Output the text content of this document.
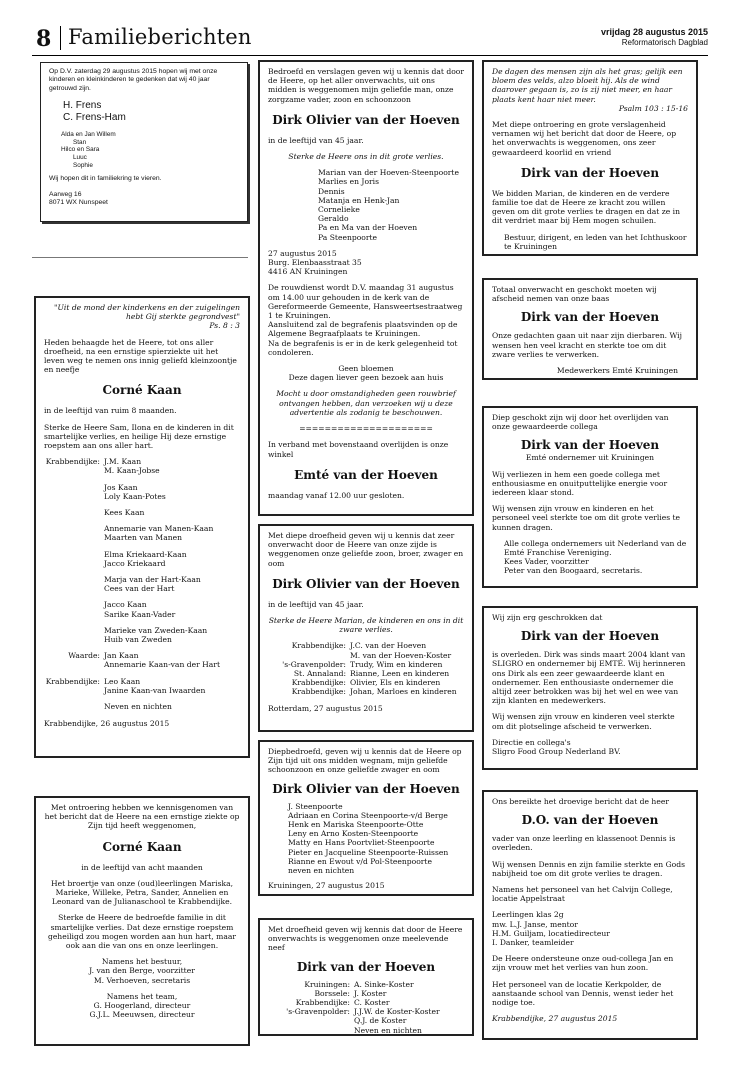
8 Familieberichten	vrijdag 28 augustus 2015
Reformatorisch Dagblad

Op D.V. zaterdag 29 augustus 2015 hopen wij met onze kinderen en kleinkinderen te gedenken dat wij 40 jaar getrouwd zijn.

H. Frens
C. Frens-Ham
Alda en Jan Willem
Stan
Hilco en Sara
Luuc
Sophie

Wij hopen dit in familiekring te vieren.

Aarweg 16
8071 WX Nunspeet
"Uit de mond der kinderkens en der zuigelingen hebt Gij sterkte gegrondvest"
Ps. 8 : 3

Heden behaagde het de Heere, tot ons aller droefheid, na een ernstige spierziekte uit het leven weg te nemen ons innig geliefd kleinzoontje en neefje

Corné Kaan

in de leeftijd van ruim 8 maanden.

Sterke de Heere Sam, Ilona en de kinderen in dit smartelijke verlies, en heilige Hij deze ernstige roepstem aan ons aller hart.

Krabbendijke: J.M. Kaan
M. Kaan-Jobse
Jos Kaan
Loly Kaan-Potes
Kees Kaan
Annemarie van Manen-Kaan
Maarten van Manen
Elma Kriekaard-Kaan
Jacco Kriekaard
Marja van der Hart-Kaan
Cees van der Hart
Jacco Kaan
Sarike Kaan-Vader
Marieke van Zweden-Kaan
Huib van Zweden
Waarde: Jan Kaan
Annemarie Kaan-van der Hart
Krabbendijke: Leo Kaan
Janine Kaan-van Iwaarden
Neven en nichten
Krabbendijke, 26 augustus 2015

Met ontroering hebben we kennisgenomen van het bericht dat de Heere na een ernstige ziekte op Zijn tijd heeft weggenomen,

Corné Kaan

in de leeftijd van acht maanden

Het broertje van onze (oud)leerlingen Mariska, Marieke, Willeke, Petra, Sander, Annelien en Leonard van de Julianaschool te Krabbendijke.

Sterke de Heere de bedroefde familie in dit smartelijke verlies. Dat deze ernstige roepstem geheiligd zou mogen worden aan hun hart, maar ook aan die van ons en onze leerlingen.

Namens het bestuur,
J. van den Berge, voorzitter
M. Verhoeven, secretaris
Namens het team,
G. Hoogerland, directeur
G.J.L. Meeuwsen, directeur

Bedroefd en verslagen geven wij u kennis dat door de Heere, op het aller onverwachts, uit ons midden is weggenomen mijn geliefde man, onze zorgzame vader, zoon en schoonzoon

Dirk Olivier van der Hoeven

in de leeftijd van 45 jaar.

Sterke de Heere ons in dit grote verlies.

Marian van der Hoeven-Steenpoorte
Marlies en Joris
Dennis
Matanja en Henk-Jan
Cornelieke
Geraldo
Pa en Ma van der Hoeven
Pa Steenpoorte
27 augustus 2015
Burg. Elenbaasstraat 35
4416 AN Kruiningen
De rouwdienst wordt D.V. maandag 31 augustus om 14.00 uur gehouden in de kerk van de Gereformeerde Gemeente, Hansweertsestraatweg 1 te Kruiningen.
Aansluitend zal de begrafenis plaatsvinden op de Algemene Begraafplaats te Kruiningen.

Na de begrafenis is er in de kerk gelegenheid tot condoleren.

Geen bloemen

Deze dagen liever geen bezoek aan huis

Mocht u door omstandigheden geen rouwbrief ontvangen hebben, dan verzoeken wij u deze advertentie als zodanig te beschouwen.

=====================

In verband met bovenstaand overlijden is onze winkel
Emté van der Hoeven
maandag vanaf 12.00 uur gesloten.

Met diepe droefheid geven wij u kennis dat zeer onverwacht door de Heere van onze zijde is weggenomen onze geliefde zoon, broer, zwager en oom

Dirk Olivier van der Hoeven

in de leeftijd van 45 jaar.

Sterke de Heere Marian, de kinderen en ons in dit zware verlies.

Krabbendijke: J.C. van der Hoeven
M. van der Hoeven-Koster
's-Gravenpolder: Trudy, Wim en kinderen
St. Annaland: Rianne, Leen en kinderen
Krabbendijke: Olivier, Els en kinderen
Krabbendijke: Johan, Marloes en kinderen
Rotterdam, 27 augustus 2015

Diepbedroefd, geven wij u kennis dat de Heere op Zijn tijd uit ons midden wegnam, mijn geliefde schoonzoon en onze geliefde zwager en oom

Dirk Olivier van der Hoeven
J. Steenpoorte
Adriaan en Corina Steenpoorte-v/d Berge
Henk en Mariska Steenpoorte-Otte
Leny en Arno Kosten-Steenpoorte
Matty en Hans Poortvliet-Steenpoorte
Pieter en Jacqueline Steenpoorte-Ruissen
Rianne en Ewout v/d Pol-Steenpoorte
neven en nichten
Kruiningen, 27 augustus 2015

Met droefheid geven wij kennis dat door de Heere onverwachts is weggenomen onze meelevende neef

Dirk van der Hoeven
Kruiningen: A. Sinke-Koster
Borssele: J. Koster
Krabbendijke: C. Koster
's-Gravenpolder: J.J.W. de Koster-Koster
Q.J. de Koster
Neven en nichten
De dagen des mensen zijn als het gras; gelijk een bloem des velds, alzo bloeit hij. Als de wind daarover gegaan is, zo is zij niet meer, en haar plaats kent haar niet meer.
Psalm 103 : 15-16

Met diepe ontroering en grote verslagenheid vernamen wij het bericht dat door de Heere, op het onverwachts is weggenomen, ons zeer gewaardeerd koorlid en vriend

Dirk van der Hoeven

We bidden Marian, de kinderen en de verdere familie toe dat de Heere ze kracht zou willen geven om dit grote verlies te dragen en dat ze in dit verdriet maar bij Hem mogen schuilen.

Bestuur, dirigent, en leden van het Ichthuskoor te Kruiningen

Totaal onverwacht en geschokt moeten wij afscheid nemen van onze baas

Dirk van der Hoeven

Onze gedachten gaan uit naar zijn dierbaren. Wij wensen hen veel kracht en sterkte toe om dit zware verlies te verwerken.

Medewerkers Emté Kruiningen

Diep geschokt zijn wij door het overlijden van onze gewaardeerde collega

Dirk van der Hoeven

Emté ondernemer uit Kruiningen

Wij verliezen in hem een goede collega met enthousiasme en onuitputtelijke energie voor iedereen klaar stond.

Wij wensen zijn vrouw en kinderen en het personeel veel sterkte toe om dit grote verlies te kunnen dragen.

Alle collega ondernemers uit Nederland van de Emté Franchise Vereniging.
Kees Vader, voorzitter
Peter van den Boogaard, secretaris.

Wij zijn erg geschrokken dat

Dirk van der Hoeven

is overleden. Dirk was sinds maart 2004 klant van SLIGRO en ondernemer bij EMTÉ. Wij herinneren ons Dirk als een zeer gewaardeerde klant en ondernemer. Een enthousiaste ondernemer die altijd zeer betrokken was bij het wel en wee van zijn klanten en medewerkers.

Wij wensen zijn vrouw en kinderen veel sterkte om dit plotselinge afscheid te verwerken.

Directie en collega's
Sligro Food Group Nederland BV.

Ons bereikte het droevige bericht dat de heer

D.O. van der Hoeven

vader van onze leerling en klassenoot Dennis is overleden.

Wij wensen Dennis en zijn familie sterkte en Gods nabijheid toe om dit grote verlies te dragen.

Namens het personeel van het Calvijn College,
locatie Appelstraat
Leerlingen klas 2g
mw. L.J. Janse, mentor
H.M. Guiljam, locatiedirecteur
I. Danker, teamleider

De Heere ondersteune onze oud-collega Jan en zijn vrouw met het verlies van hun zoon.

Het personeel van de locatie Kerkpolder, de aanstaande school van Dennis, wenst ieder het nodige toe.

Krabbendijke, 27 augustus 2015
